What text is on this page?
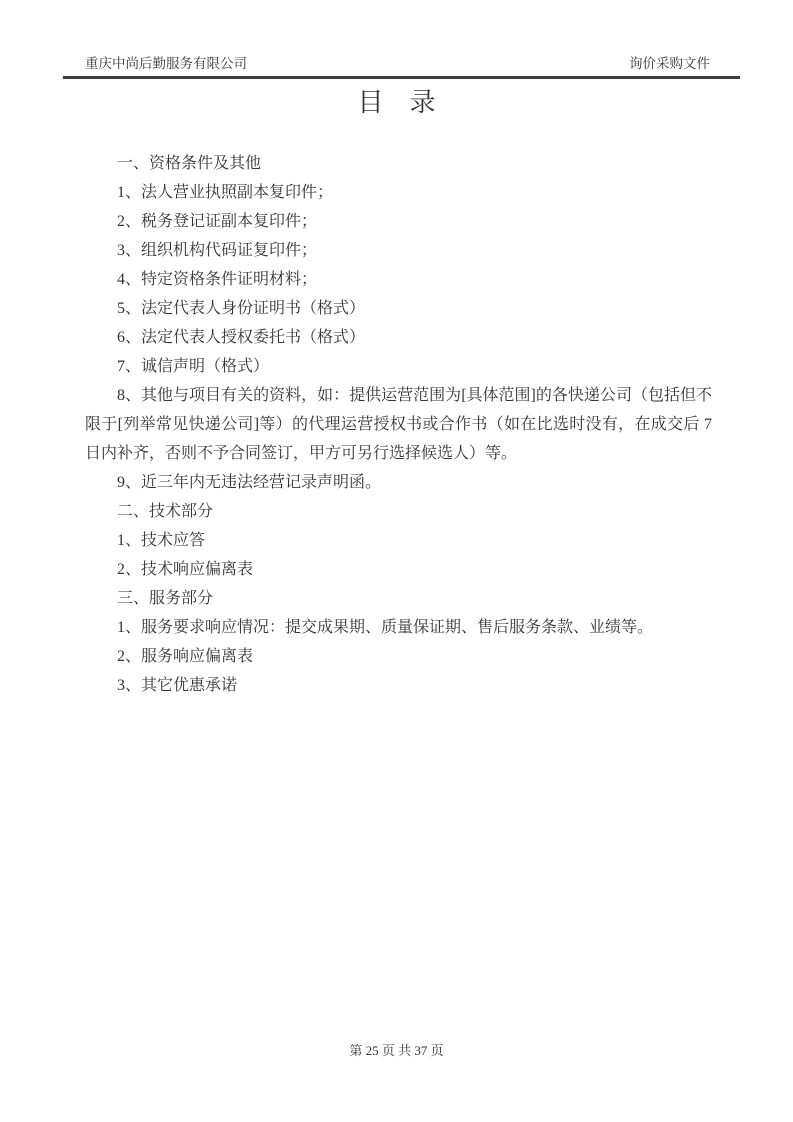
重庆中尚后勤服务有限公司	询价采购文件
目　录

一、资格条件及其他

1、法人营业执照副本复印件；

2、税务登记证副本复印件；

3、组织机构代码证复印件；

4、特定资格条件证明材料；

5、法定代表人身份证明书（格式）

6、法定代表人授权委托书（格式）

7、诚信声明（格式）

8、其他与项目有关的资料，如：提供运营范围为[具体范围]的各快递公司（包括但不限于[列举常见快递公司]等）的代理运营授权书或合作书（如在比选时没有，在成交后 7 日内补齐，否则不予合同签订，甲方可另行选择候选人）等。

9、近三年内无违法经营记录声明函。

二、技术部分

1、技术应答

2、技术响应偏离表

三、服务部分

1、服务要求响应情况：提交成果期、质量保证期、售后服务条款、业绩等。

2、服务响应偏离表

3、其它优惠承诺

第 25 页 共 37 页
